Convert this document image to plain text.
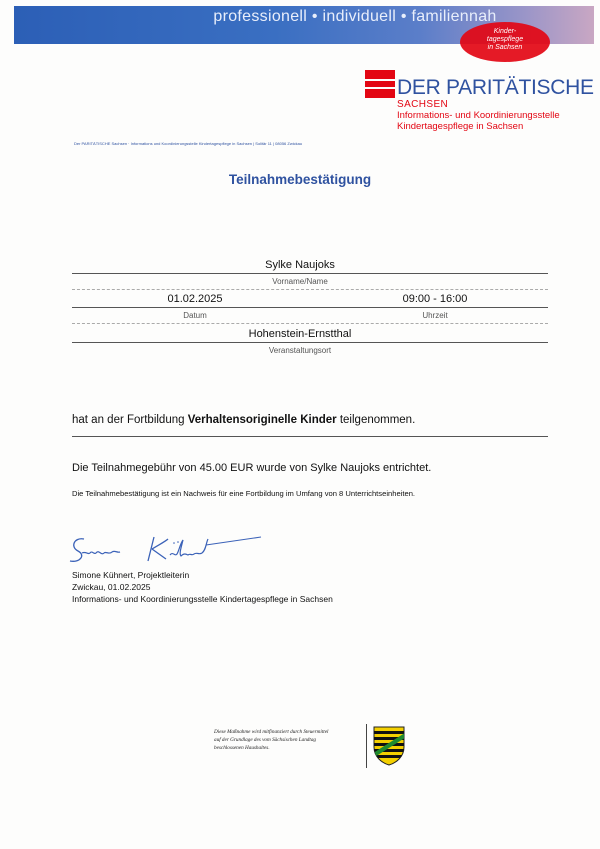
professionell • individuell • familiennah
Kinder-
tagespflege
in Sachsen
DER PARITÄTISCHE
SACHSEN
Informations- und Koordinierungsstelle
Kindertagespflege in Sachsen
Der PARITÄTISCHE Sachsen · Informations und Koordinierungsstelle Kindertagespflege in Sachsen | Solitär 11 | 08056 Zwickau
Teilnahmebestätigung
Sylke Naujoks
Vorname/Name
01.02.2025	09:00 - 16:00
Datum	Uhrzeit
Hohenstein-Ernstthal
Veranstaltungsort
hat an der Fortbildung Verhaltensoriginelle Kinder teilgenommen.
Die Teilnahmegebühr von 45.00 EUR wurde von Sylke Naujoks entrichtet.
Die Teilnahmebestätigung ist ein Nachweis für eine Fortbildung im Umfang von 8 Unterrichtseinheiten.
Simone Kühnert, Projektleiterin
Zwickau, 01.02.2025
Informations- und Koordinierungsstelle Kindertagespflege in Sachsen
Diese Maßnahme wird mitfinanziert durch Steuermittel
auf der Grundlage des vom Sächsischen Landtag
beschlossenen Haushaltes.
